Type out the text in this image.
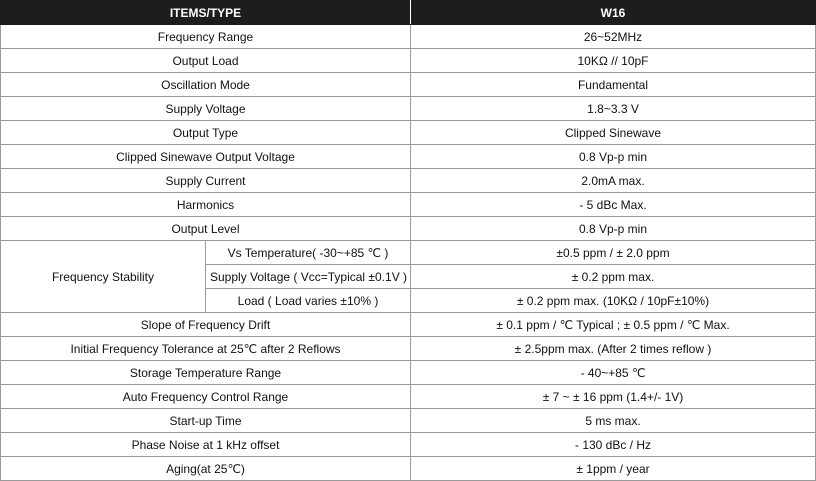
ITEMS/TYPE		W16
Frequency Range		26~52MHz
Output Load		10KΩ // 10pF
Oscillation Mode		Fundamental
Supply Voltage		1.8~3.3 V
Output Type		Clipped Sinewave
Clipped Sinewave Output Voltage		0.8 Vp-p min
Supply Current		2.0mA max.
Harmonics		- 5 dBc Max.
Output Level		0.8 Vp-p min
Frequency Stability	Vs Temperature( -30~+85 ℃ )	±0.5 ppm / ± 2.0 ppm
	Supply Voltage ( Vcc=Typical ±0.1V )	± 0.2 ppm max.
	Load ( Load varies ±10% )	± 0.2 ppm max. (10KΩ / 10pF±10%)
Slope of Frequency Drift		± 0.1 ppm / ℃ Typical ; ± 0.5 ppm / ℃ Max.
Initial Frequency Tolerance at 25℃ after 2 Reflows		± 2.5ppm max. (After 2 times reflow )
Storage Temperature Range		- 40~+85 ℃
Auto Frequency Control Range		± 7 ~ ± 16 ppm (1.4+/- 1V)
Start-up Time		5 ms max.
Phase Noise at 1 kHz offset		- 130 dBc / Hz
Aging(at 25℃)		± 1ppm / year
